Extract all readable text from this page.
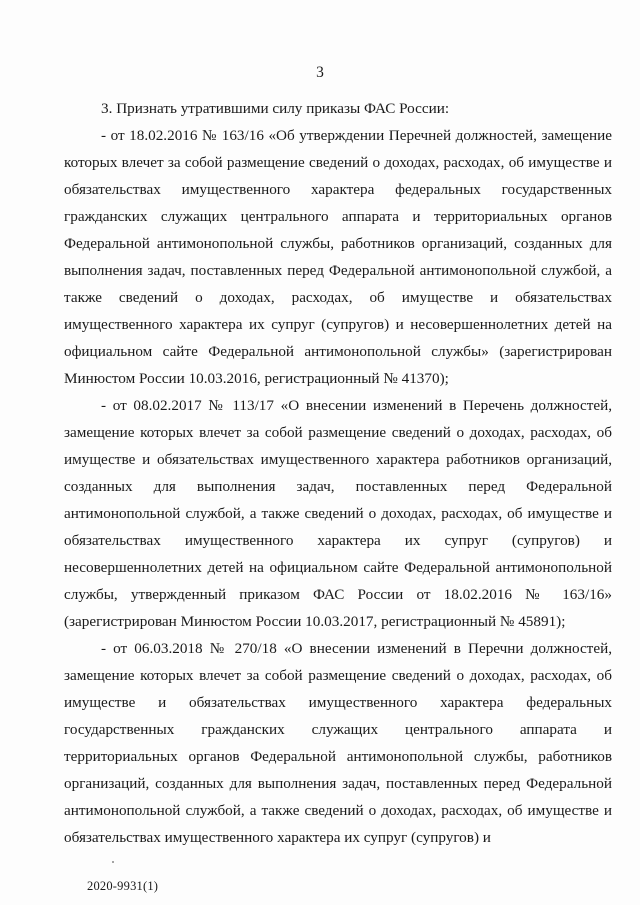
3

3. Признать утратившими силу приказы ФАС России:

- от 18.02.2016 № 163/16 «Об утверждении Перечней должностей, замещение которых влечет за собой размещение сведений о доходах, расходах, об имуществе и обязательствах имущественного характера федеральных государственных гражданских служащих центрального аппарата и территориальных органов Федеральной антимонопольной службы, работников организаций, созданных для выполнения задач, поставленных перед Федеральной антимонопольной службой, а также сведений о доходах, расходах, об имуществе и обязательствах имущественного характера их супруг (супругов) и несовершеннолетних детей на официальном сайте Федеральной антимонопольной службы» (зарегистрирован Минюстом России 10.03.2016, регистрационный № 41370);

- от 08.02.2017 № 113/17 «О внесении изменений в Перечень должностей, замещение которых влечет за собой размещение сведений о доходах, расходах, об имуществе и обязательствах имущественного характера работников организаций, созданных для выполнения задач, поставленных перед Федеральной антимонопольной службой, а также сведений о доходах, расходах, об имуществе и обязательствах имущественного характера их супруг (супругов) и несовершеннолетних детей на официальном сайте Федеральной антимонопольной службы, утвержденный приказом ФАС России от 18.02.2016 № 163/16» (зарегистрирован Минюстом России 10.03.2017, регистрационный № 45891);

- от 06.03.2018 № 270/18 «О внесении изменений в Перечни должностей, замещение которых влечет за собой размещение сведений о доходах, расходах, об имуществе и обязательствах имущественного характера федеральных государственных гражданских служащих центрального аппарата и территориальных органов Федеральной антимонопольной службы, работников организаций, созданных для выполнения задач, поставленных перед Федеральной антимонопольной службой, а также сведений о доходах, расходах, об имуществе и обязательствах имущественного характера их супруг (супругов) и

2020-9931(1)
